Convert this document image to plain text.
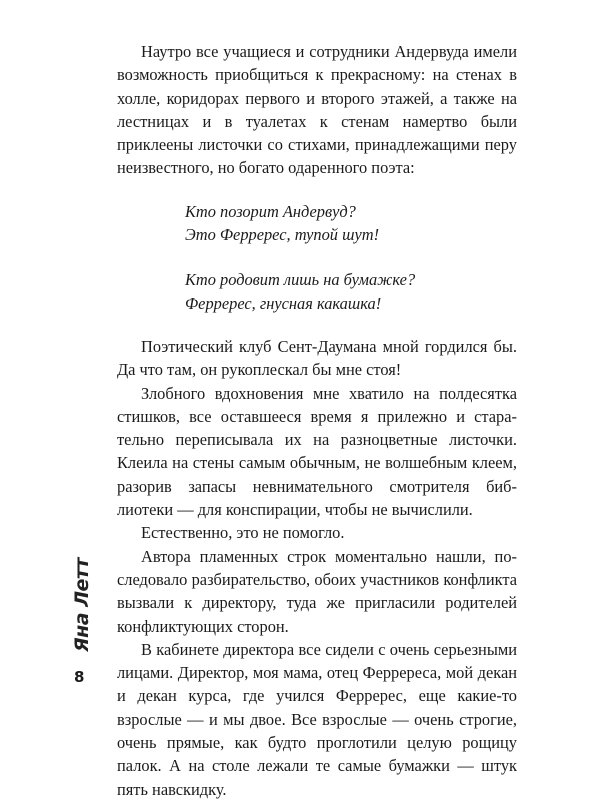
Наутро все учащиеся и сотрудники Андервуда имели возможность приобщиться к прекрасному: на стенах в холле, коридорах первого и второго этажей, а также на лестницах и в туалетах к стенам намертво были приклеены листочки со стихами, принадлежащими перу неизвестного, но богато одаренного поэта:

Кто позорит Андервуд?
Это Ферререс, тупой шут!
Кто родовит лишь на бумажке?
Ферререс, гнусная какашка!

Поэтический клуб Сент-Даумана мной гордился бы. Да что там, он рукоплескал бы мне стоя!

Злобного вдохновения мне хватило на полдесятка стишков, все оставшееся время я прилежно и старательно переписывала их на разноцветные листочки. Клеила на стены самым обычным, не волшебным клеем, разорив запасы невнимательного смотрителя библиотеки — для конспирации, чтобы не вычислили.

Естественно, это не помогло.

Автора пламенных строк моментально нашли, последовало разбирательство, обоих участников конфликта вызвали к директору, туда же пригласили родителей конфликтующих сторон.

В кабинете директора все сидели с очень серьезными лицами. Директор, моя мама, отец Ферререса, мой декан и декан курса, где учился Ферререс, еще какие-то взрослые — и мы двое. Все взрослые — очень строгие, очень прямые, как будто проглотили целую рощицу палок. А на столе лежали те самые бумажки — штук пять навскидку.

Яна Летт
8
